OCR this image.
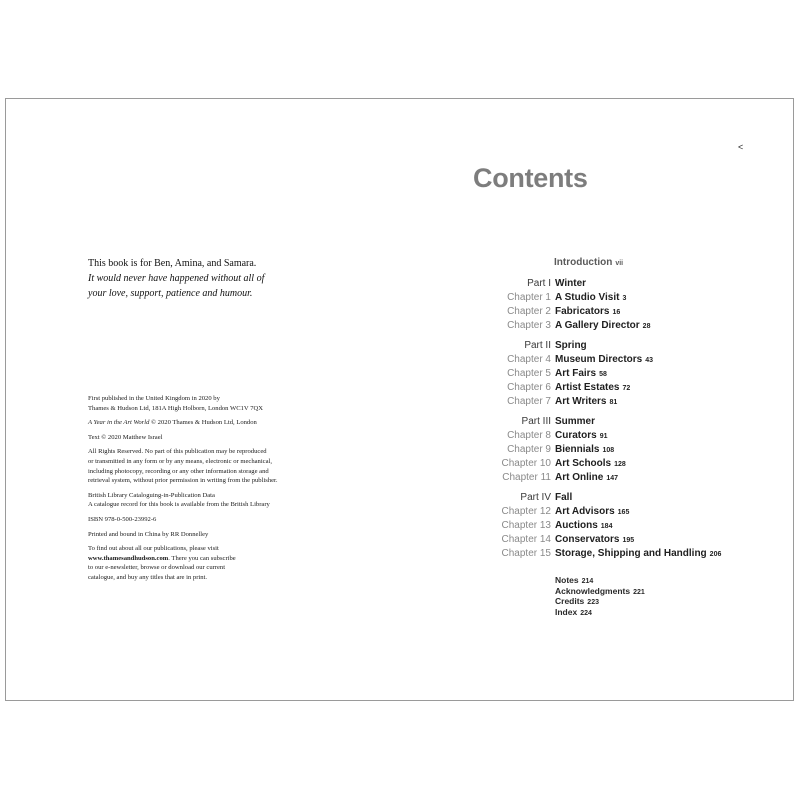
This book is for Ben, Amina, and Samara.
It would never have happened without all of
your love, support, patience and humour.

First published in the United Kingdom in 2020 by
Thames & Hudson Ltd, 181A High Holborn, London WC1V 7QX

A Year in the Art World © 2020 Thames & Hudson Ltd, London

Text © 2020 Matthew Israel

All Rights Reserved. No part of this publication may be reproduced
or transmitted in any form or by any means, electronic or mechanical,
including photocopy, recording or any other information storage and
retrieval system, without prior permission in writing from the publisher.

British Library Cataloguing-in-Publication Data
A catalogue record for this book is available from the British Library

ISBN 978-0-500-23992-6

Printed and bound in China by RR Donnelley

To find out about all our publications, please visit
www.thamesandhudson.com. There you can subscribe
to our e-newsletter, browse or download our current
catalogue, and buy any titles that are in print.

<
Contents
Introduction vii
Part I Winter
Chapter 1 A Studio Visit 3
Chapter 2 Fabricators 16
Chapter 3 A Gallery Director 28
Part II Spring
Chapter 4 Museum Directors 43
Chapter 5 Art Fairs 58
Chapter 6 Artist Estates 72
Chapter 7 Art Writers 81
Part III Summer
Chapter 8 Curators 91
Chapter 9 Biennials 108
Chapter 10 Art Schools 128
Chapter 11 Art Online 147
Part IV Fall
Chapter 12 Art Advisors 165
Chapter 13 Auctions 184
Chapter 14 Conservators 195
Chapter 15 Storage, Shipping and Handling 206
Notes 214
Acknowledgments 221
Credits 223
Index 224
